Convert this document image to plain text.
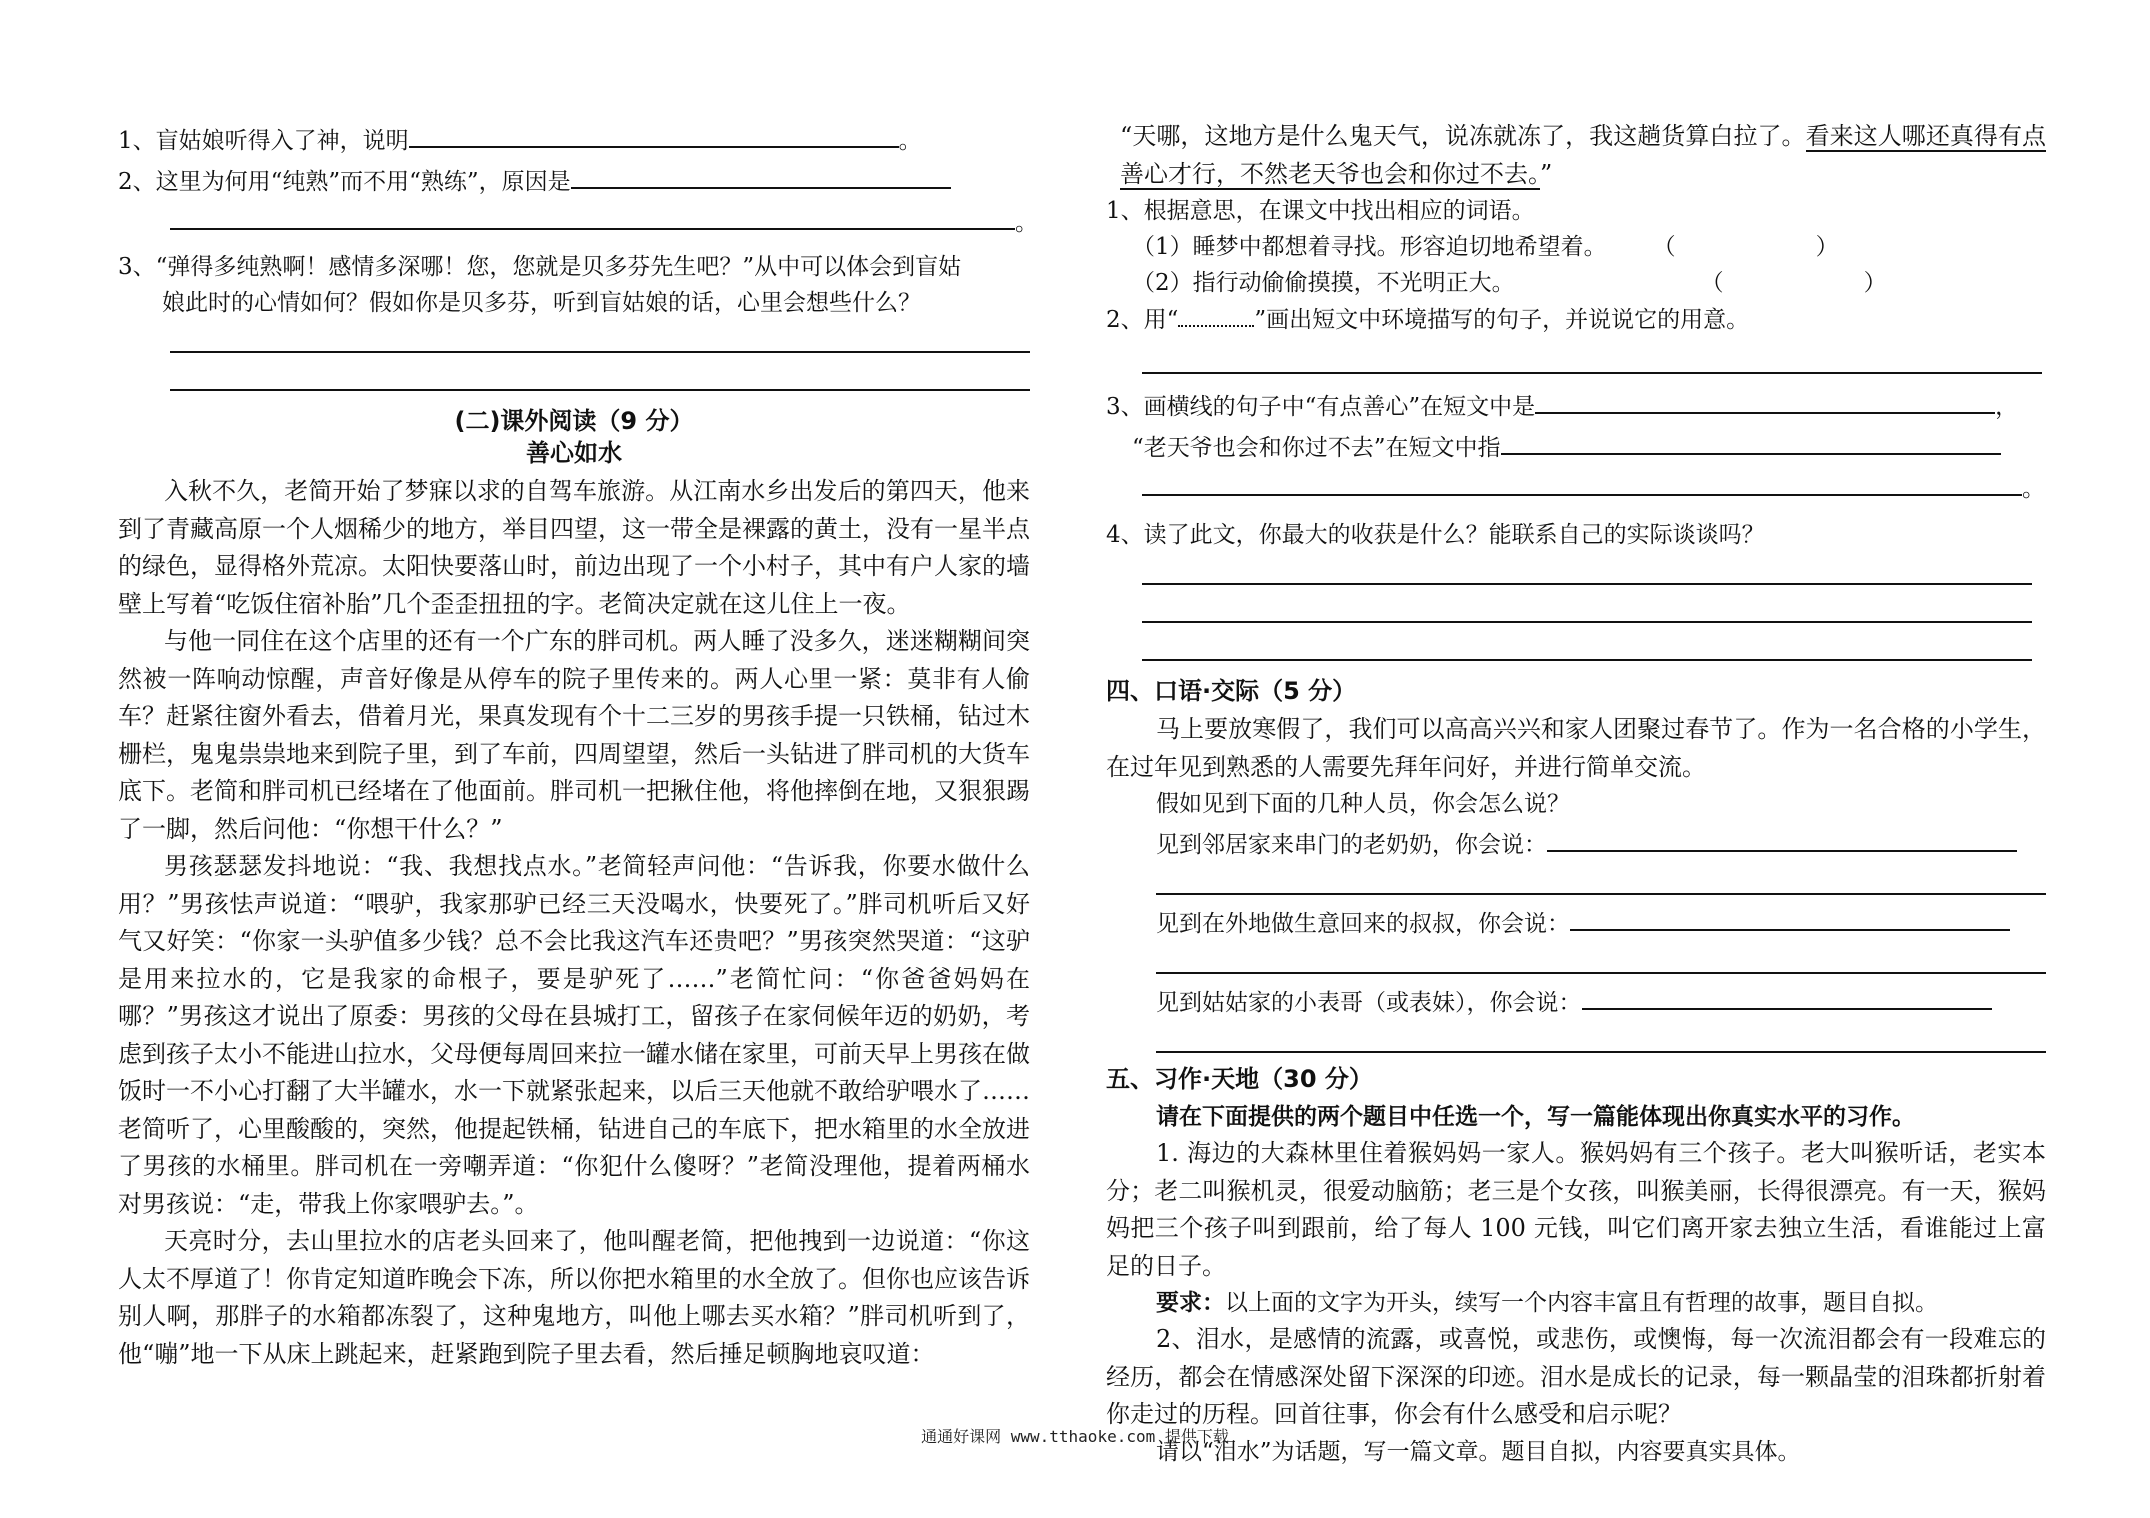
1、盲姑娘听得入了神，说明	。
2、这里为何用“纯熟”而不用“熟练”，原因是
。
3、“弹得多纯熟啊！感情多深哪！您，您就是贝多芬先生吧？”从中可以体会到盲姑
娘此时的心情如何？假如你是贝多芬，听到盲姑娘的话，心里会想些什么？
(二)课外阅读（9 分）
善心如水
入秋不久，老简开始了梦寐以求的自驾车旅游。从江南水乡出发后的第四天，他来到了青藏高原一个人烟稀少的地方，举目四望，这一带全是裸露的黄土，没有一星半点的绿色，显得格外荒凉。太阳快要落山时，前边出现了一个小村子，其中有户人家的墙壁上写着“吃饭住宿补胎”几个歪歪扭扭的字。老简决定就在这儿住上一夜。
与他一同住在这个店里的还有一个广东的胖司机。两人睡了没多久，迷迷糊糊间突然被一阵响动惊醒，声音好像是从停车的院子里传来的。两人心里一紧：莫非有人偷车？赶紧往窗外看去，借着月光，果真发现有个十二三岁的男孩手提一只铁桶，钻过木栅栏，鬼鬼祟祟地来到院子里，到了车前，四周望望，然后一头钻进了胖司机的大货车底下。老简和胖司机已经堵在了他面前。胖司机一把揪住他，将他摔倒在地，又狠狠踢了一脚，然后问他：“你想干什么？”
男孩瑟瑟发抖地说：“我、我想找点水。”老简轻声问他：“告诉我，你要水做什么用？”男孩怯声说道：“喂驴，我家那驴已经三天没喝水，快要死了。”胖司机听后又好气又好笑：“你家一头驴值多少钱？总不会比我这汽车还贵吧？”男孩突然哭道：“这驴是用来拉水的，它是我家的命根子，要是驴死了……”老简忙问：“你爸爸妈妈在哪？”男孩这才说出了原委：男孩的父母在县城打工，留孩子在家伺候年迈的奶奶，考虑到孩子太小不能进山拉水，父母便每周回来拉一罐水储在家里，可前天早上男孩在做饭时一不小心打翻了大半罐水，水一下就紧张起来，以后三天他就不敢给驴喂水了……老简听了，心里酸酸的，突然，他提起铁桶，钻进自己的车底下，把水箱里的水全放进了男孩的水桶里。胖司机在一旁嘲弄道：“你犯什么傻呀？”老简没理他，提着两桶水对男孩说：“走，带我上你家喂驴去。”。
天亮时分，去山里拉水的店老头回来了，他叫醒老简，把他拽到一边说道：“你这人太不厚道了！你肯定知道昨晚会下冻，所以你把水箱里的水全放了。但你也应该告诉别人啊，那胖子的水箱都冻裂了，这种鬼地方，叫他上哪去买水箱？”胖司机听到了，他“嘣”地一下从床上跳起来，赶紧跑到院子里去看，然后捶足顿胸地哀叹道：
“天哪，这地方是什么鬼天气，说冻就冻了，我这趟货算白拉了。看来这人哪还真得有点善心才行，不然老天爷也会和你过不去。”
1、根据意思，在课文中找出相应的词语。
（1）睡梦中都想着寻找。形容迫切地希望着。 （	）
（2）指行动偷偷摸摸，不光明正大。	（	）
2、用“	”画出短文中环境描写的句子，并说说它的用意。
3、画横线的句子中“有点善心”在短文中是	，
“老天爷也会和你过不去”在短文中指
。
4、读了此文，你最大的收获是什么？能联系自己的实际谈谈吗？
四、口语·交际（5 分）
马上要放寒假了，我们可以高高兴兴和家人团聚过春节了。作为一名合格的小学生，在过年见到熟悉的人需要先拜年问好，并进行简单交流。
假如见到下面的几种人员，你会怎么说？
见到邻居家来串门的老奶奶，你会说：
见到在外地做生意回来的叔叔，你会说：
见到姑姑家的小表哥（或表妹），你会说：
五、习作·天地（30 分）
请在下面提供的两个题目中任选一个，写一篇能体现出你真实水平的习作。
1. 海边的大森林里住着猴妈妈一家人。猴妈妈有三个孩子。老大叫猴听话，老实本分；老二叫猴机灵，很爱动脑筋；老三是个女孩，叫猴美丽，长得很漂亮。有一天，猴妈妈把三个孩子叫到跟前，给了每人 100 元钱，叫它们离开家去独立生活，看谁能过上富足的日子。
要求：以上面的文字为开头，续写一个内容丰富且有哲理的故事，题目自拟。
2、泪水，是感情的流露，或喜悦，或悲伤，或懊悔，每一次流泪都会有一段难忘的经历，都会在情感深处留下深深的印迹。泪水是成长的记录，每一颗晶莹的泪珠都折射着你走过的历程。回首往事，你会有什么感受和启示呢？
请以“泪水”为话题，写一篇文章。题目自拟，内容要真实具体。
通通好课网 www.tthaoke.com 提供下载
